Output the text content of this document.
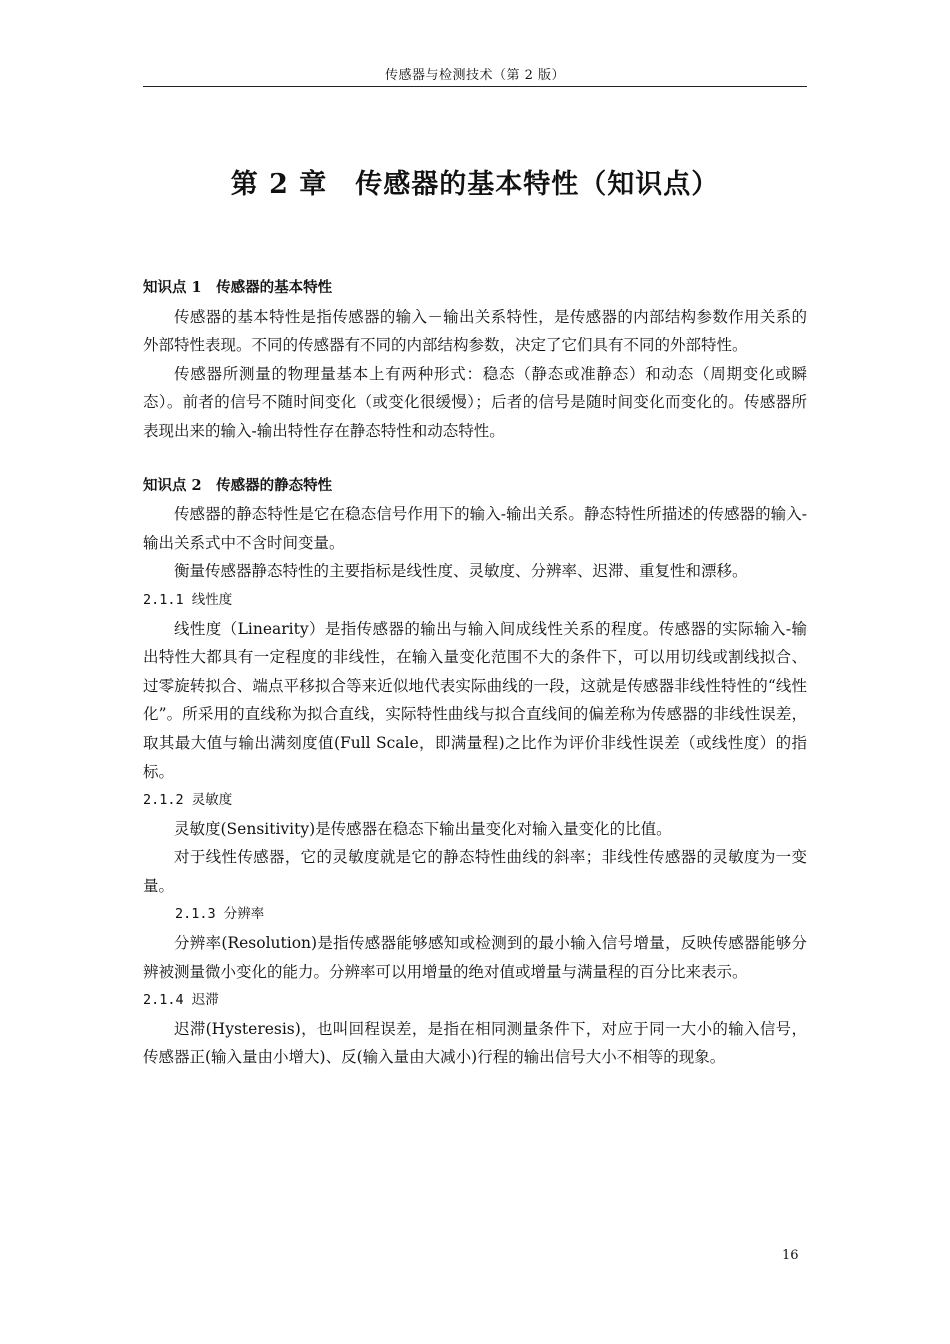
传感器与检测技术（第 2 版）
第 2 章　传感器的基本特性（知识点）

知识点 1　传感器的基本特性

传感器的基本特性是指传感器的输入－输出关系特性，是传感器的内部结构参数作用关系的外部特性表现。不同的传感器有不同的内部结构参数，决定了它们具有不同的外部特性。

传感器所测量的物理量基本上有两种形式：稳态（静态或准静态）和动态（周期变化或瞬态）。前者的信号不随时间变化（或变化很缓慢）；后者的信号是随时间变化而变化的。传感器所表现出来的输入-输出特性存在静态特性和动态特性。

知识点 2　传感器的静态特性

传感器的静态特性是它在稳态信号作用下的输入-输出关系。静态特性所描述的传感器的输入-输出关系式中不含时间变量。

衡量传感器静态特性的主要指标是线性度、灵敏度、分辨率、迟滞、重复性和漂移。

2.1.1 线性度

线性度（Linearity）是指传感器的输出与输入间成线性关系的程度。传感器的实际输入-输出特性大都具有一定程度的非线性，在输入量变化范围不大的条件下，可以用切线或割线拟合、过零旋转拟合、端点平移拟合等来近似地代表实际曲线的一段，这就是传感器非线性特性的“线性化”。所采用的直线称为拟合直线，实际特性曲线与拟合直线间的偏差称为传感器的非线性误差，取其最大值与输出满刻度值(Full Scale，即满量程)之比作为评价非线性误差（或线性度）的指标。

2.1.2 灵敏度

灵敏度(Sensitivity)是传感器在稳态下输出量变化对输入量变化的比值。

对于线性传感器，它的灵敏度就是它的静态特性曲线的斜率；非线性传感器的灵敏度为一变量。

2.1.3 分辨率

分辨率(Resolution)是指传感器能够感知或检测到的最小输入信号增量，反映传感器能够分辨被测量微小变化的能力。分辨率可以用增量的绝对值或增量与满量程的百分比来表示。

2.1.4 迟滞

迟滞(Hysteresis)，也叫回程误差，是指在相同测量条件下，对应于同一大小的输入信号，传感器正(输入量由小增大)、反(输入量由大减小)行程的输出信号大小不相等的现象。

16
